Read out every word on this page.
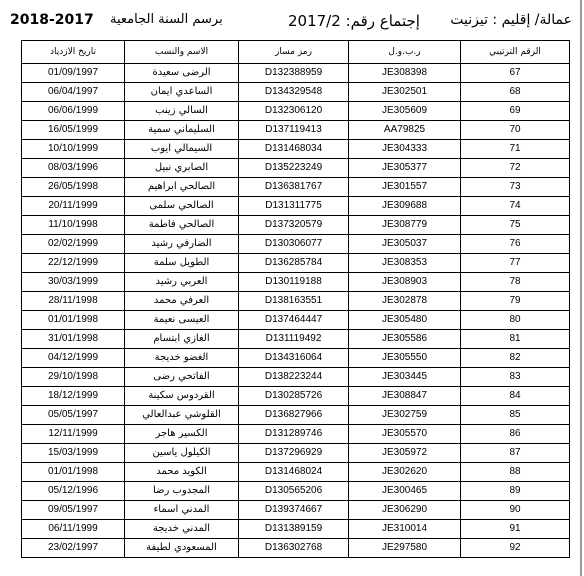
عمالة/ إقليم : تيزنيت
إجتماع رقم: 2017/2
برسم السنة الجامعية
2018-2017
الرقم الترتيبي	ر.ب.و.ل	رمز مسار	الاسم والنسب	تاريخ الازدياد
67	JE308398	D132388959	الرضى سعيدة	01/09/1997
68	JE302501	D134329548	الساعدي ايمان	06/04/1997
69	JE305609	D132306120	السالي زينب	06/06/1999
70	AA79825	D137119413	السليماني سمية	16/05/1999
71	JE304333	D131468034	السيمالي ايوب	10/10/1999
72	JE305377	D135223249	الصابري نبيل	08/03/1996
73	JE301557	D136381767	الصالحي ابراهيم	26/05/1998
74	JE309688	D131311775	الصالحي سلمى	20/11/1999
75	JE308779	D137320579	الصالحي فاطمة	11/10/1998
76	JE305037	D130306077	الضارفي رشيد	02/02/1999
77	JE308353	D136285784	الطويل سلمة	22/12/1999
78	JE308903	D130119188	العربي رشيد	30/03/1999
79	JE302878	D138163551	العرفي محمد	28/11/1998
80	JE305480	D137464447	العيسى نعيمة	01/01/1998
81	JE305586	D131119492	الغازي ابتسام	31/01/1998
82	JE305550	D134316064	الغضو خديجة	04/12/1999
83	JE303445	D138223244	الفاتحي رضى	29/10/1998
84	JE308847	D130285726	القردوس سكينة	18/12/1999
85	JE302759	D136827966	القلوشي عبدالعالي	05/05/1997
86	JE305570	D131289746	الكسير هاجر	12/11/1999
87	JE305972	D137296929	الكيلول ياسين	15/03/1999
88	JE302620	D131468024	الكويد محمد	01/01/1998
89	JE300465	D130565206	المجدوب رضا	05/12/1996
90	JE306290	D139374667	المدني اسماء	09/05/1997
91	JE310014	D131389159	المدني خديجة	06/11/1999
92	JE297580	D136302768	المسعودي لطيفة	23/02/1997
